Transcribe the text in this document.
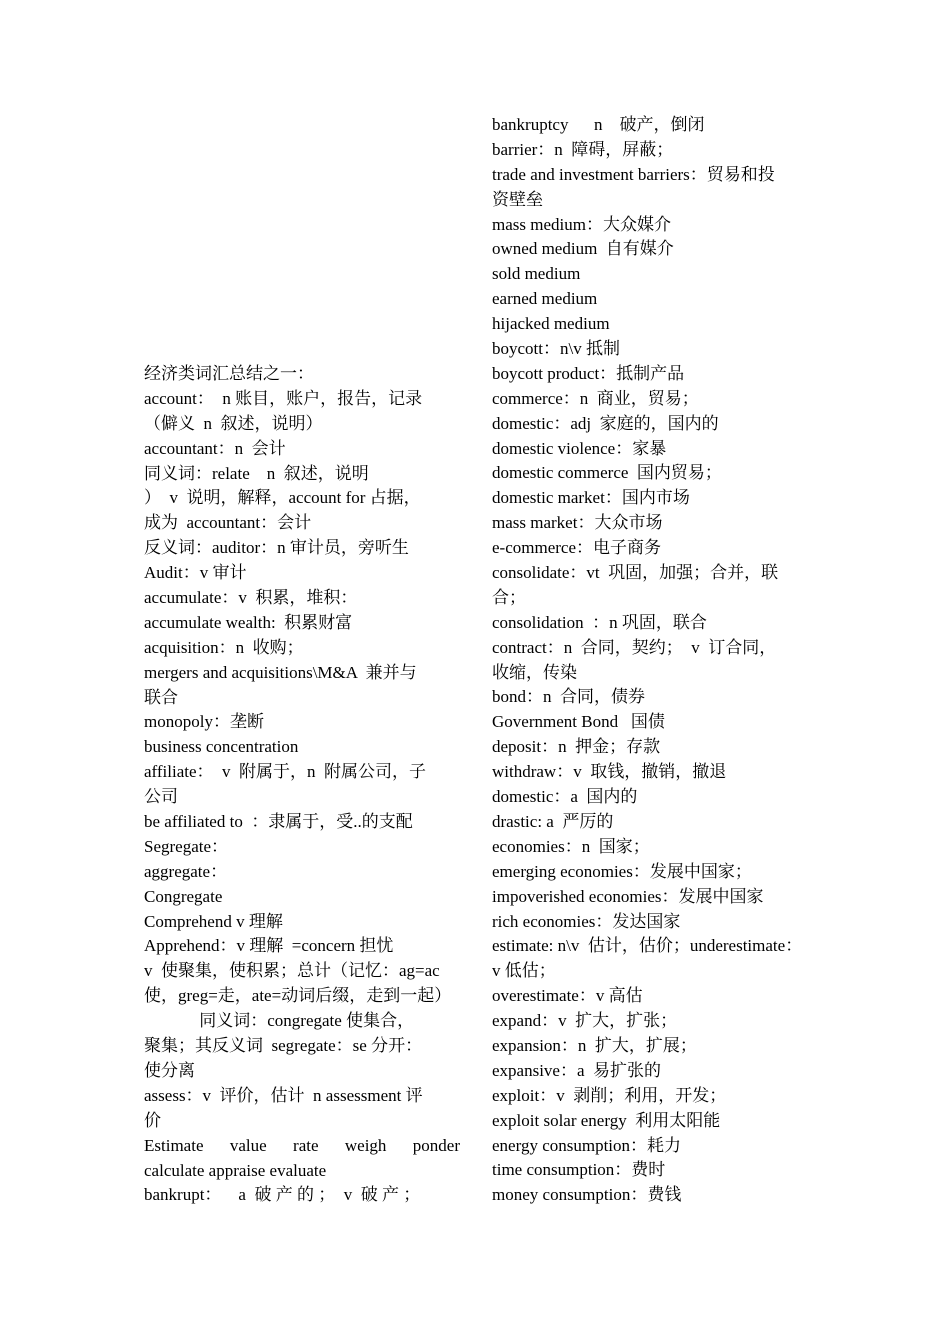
经济类词汇总结之一：
account：  n 账目，账户，报告，记录
（僻义  n  叙述，说明）
accountant：n  会计
同义词：relate    n  叙述，说明
）  v  说明，解释，account for 占据，
成为  accountant：会计
反义词：auditor：n 审计员，旁听生
Audit：v 审计
accumulate：v  积累，堆积：
accumulate wealth:  积累财富
acquisition：n  收购；
mergers and acquisitions\M&A  兼并与
联合
monopoly：垄断
business concentration
affiliate：  v  附属于，n  附属公司，子
公司
be affiliated to  ：隶属于，受..的支配
Segregate：
aggregate：
Congregate
Comprehend v 理解
Apprehend：v 理解  =concern 担忧
v  使聚集，使积累；总计（记忆：ag=ac
使，greg=走，ate=动词后缀，走到一起）
同义词：congregate 使集合，
聚集；其反义词  segregate：se 分开：
使分离
assess：v  评价，估计  n assessment 评
价
Estimate value rate weigh ponder
calculate appraise evaluate
bankrupt：    a  破 产 的 ；  v  破 产 ；
bankruptcy      n    破产，倒闭
barrier：n  障碍，屏蔽；
trade and investment barriers：贸易和投
资壁垒
mass medium：大众媒介
owned medium  自有媒介
sold medium
earned medium
hijacked medium
boycott：n\v 抵制
boycott product：抵制产品
commerce：n  商业，贸易；
domestic：adj  家庭的，国内的
domestic violence：家暴
domestic commerce  国内贸易；
domestic market：国内市场
mass market：大众市场
e-commerce：电子商务
consolidate：vt  巩固，加强；合并，联
合；
consolidation  ：n 巩固，联合
contract：n  合同，契约；  v  订合同，
收缩，传染
bond：n  合同，债券
Government Bond   国债
deposit：n  押金；存款
withdraw：v  取钱，撤销，撤退
domestic：a  国内的
drastic: a  严厉的
economies：n  国家；
emerging economies：发展中国家；
impoverished economies：发展中国家
rich economies：发达国家
estimate: n\v  估计，估价；underestimate：
v 低估；
overestimate：v 高估
expand：v  扩大，扩张；
expansion：n  扩大，扩展；
expansive：a  易扩张的
exploit：v  剥削；利用，开发；
exploit solar energy  利用太阳能
energy consumption：耗力
time consumption：费时
money consumption：费钱
